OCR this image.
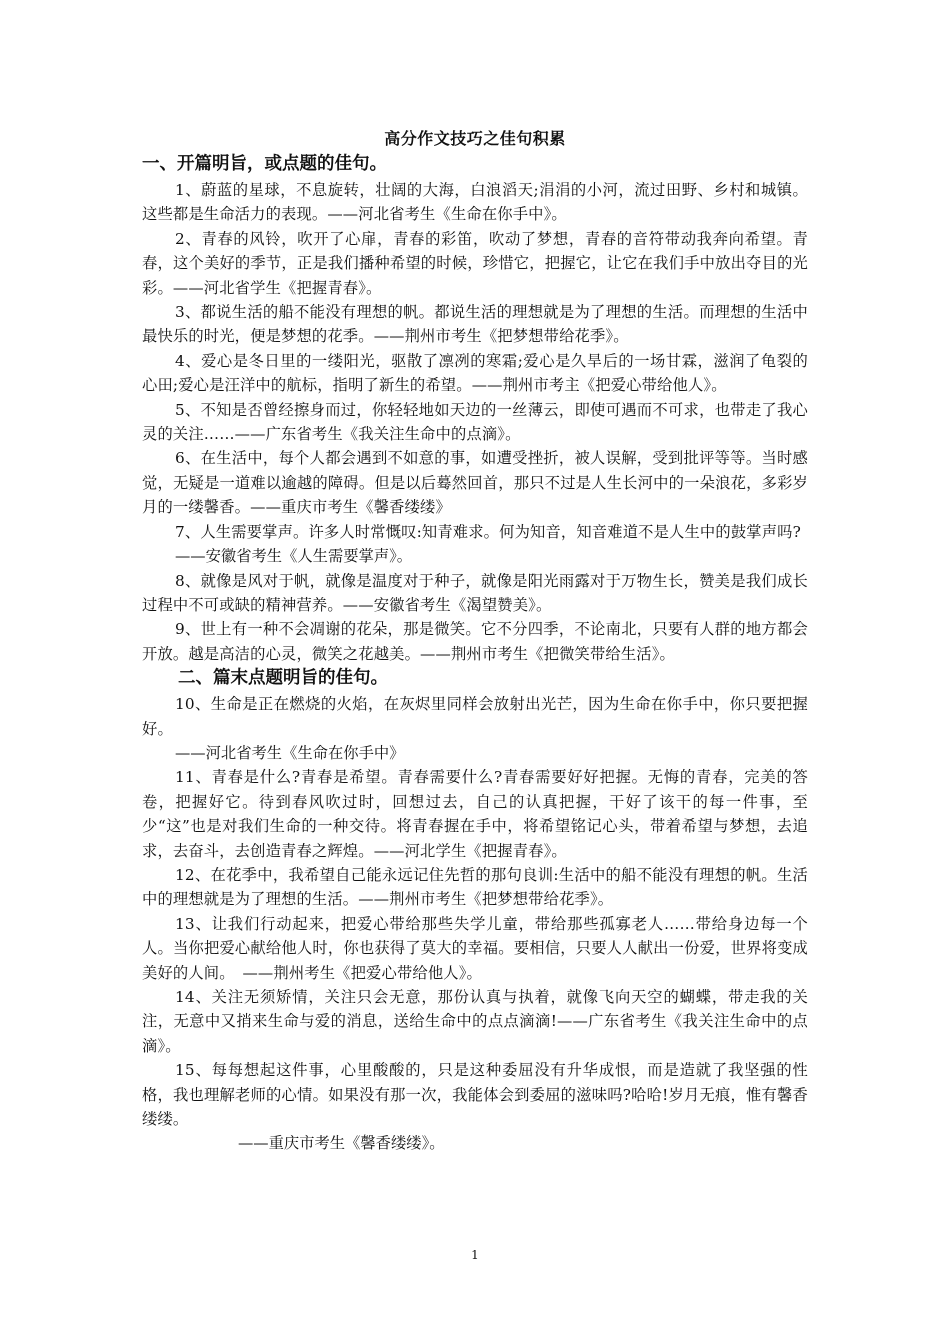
高分作文技巧之佳句积累
一、开篇明旨，或点题的佳句。

1、蔚蓝的星球，不息旋转，壮阔的大海，白浪滔天;涓涓的小河，流过田野、乡村和城镇。这些都是生命活力的表现。——河北省考生《生命在你手中》。

2、青春的风铃，吹开了心扉，青春的彩笛，吹动了梦想，青春的音符带动我奔向希望。青春，这个美好的季节，正是我们播种希望的时候，珍惜它，把握它，让它在我们手中放出夺目的光彩。——河北省学生《把握青春》。

3、都说生活的船不能没有理想的帆。都说生活的理想就是为了理想的生活。而理想的生活中最快乐的时光，便是梦想的花季。——荆州市考生《把梦想带给花季》。

4、爱心是冬日里的一缕阳光，驱散了凛冽的寒霜;爱心是久旱后的一场甘霖，滋润了龟裂的心田;爱心是汪洋中的航标，指明了新生的希望。——荆州市考主《把爱心带给他人》。

5、不知是否曾经擦身而过，你轻轻地如天边的一丝薄云，即使可遇而不可求，也带走了我心灵的关注……——广东省考生《我关注生命中的点滴》。

6、在生活中，每个人都会遇到不如意的事，如遭受挫折，被人误解，受到批评等等。当时感觉，无疑是一道难以逾越的障碍。但是以后蓦然回首，那只不过是人生长河中的一朵浪花，多彩岁月的一缕馨香。——重庆市考生《馨香缕缕》

7、人生需要掌声。许多人时常慨叹:知青难求。何为知音，知音难道不是人生中的鼓掌声吗?

——安徽省考生《人生需要掌声》。

8、就像是风对于帆，就像是温度对于种子，就像是阳光雨露对于万物生长，赞美是我们成长过程中不可或缺的精神营养。——安徽省考生《渴望赞美》。

9、世上有一种不会凋谢的花朵，那是微笑。它不分四季，不论南北，只要有人群的地方都会开放。越是高洁的心灵，微笑之花越美。——荆州市考生《把微笑带给生活》。

二、篇末点题明旨的佳句。

10、生命是正在燃烧的火焰，在灰烬里同样会放射出光芒，因为生命在你手中，你只要把握好。

——河北省考生《生命在你手中》

11、青春是什么?青春是希望。青春需要什么?青春需要好好把握。无悔的青春，完美的答卷，把握好它。待到春风吹过时，回想过去，自己的认真把握，干好了该干的每一件事，至少“这”也是对我们生命的一种交待。将青春握在手中，将希望铭记心头，带着希望与梦想，去追求，去奋斗，去创造青春之辉煌。——河北学生《把握青春》。

12、在花季中，我希望自己能永远记住先哲的那句良训:生活中的船不能没有理想的帆。生活中的理想就是为了理想的生活。——荆州市考生《把梦想带给花季》。

13、让我们行动起来，把爱心带给那些失学儿童，带给那些孤寡老人……带给身边每一个人。当你把爱心献给他人时，你也获得了莫大的幸福。要相信，只要人人献出一份爱，世界将变成美好的人间。　——荆州考生《把爱心带给他人》。

14、关注无须矫情，关注只会无意，那份认真与执着，就像飞向天空的蝴蝶，带走我的关注，无意中又捎来生命与爱的消息，送给生命中的点点滴滴!——广东省考生《我关注生命中的点滴》。

15、每每想起这件事，心里酸酸的，只是这种委屈没有升华成恨，而是造就了我坚强的性格，我也理解老师的心情。如果没有那一次，我能体会到委屈的滋味吗?哈哈!岁月无痕，惟有馨香缕缕。

——重庆市考生《馨香缕缕》。

1
